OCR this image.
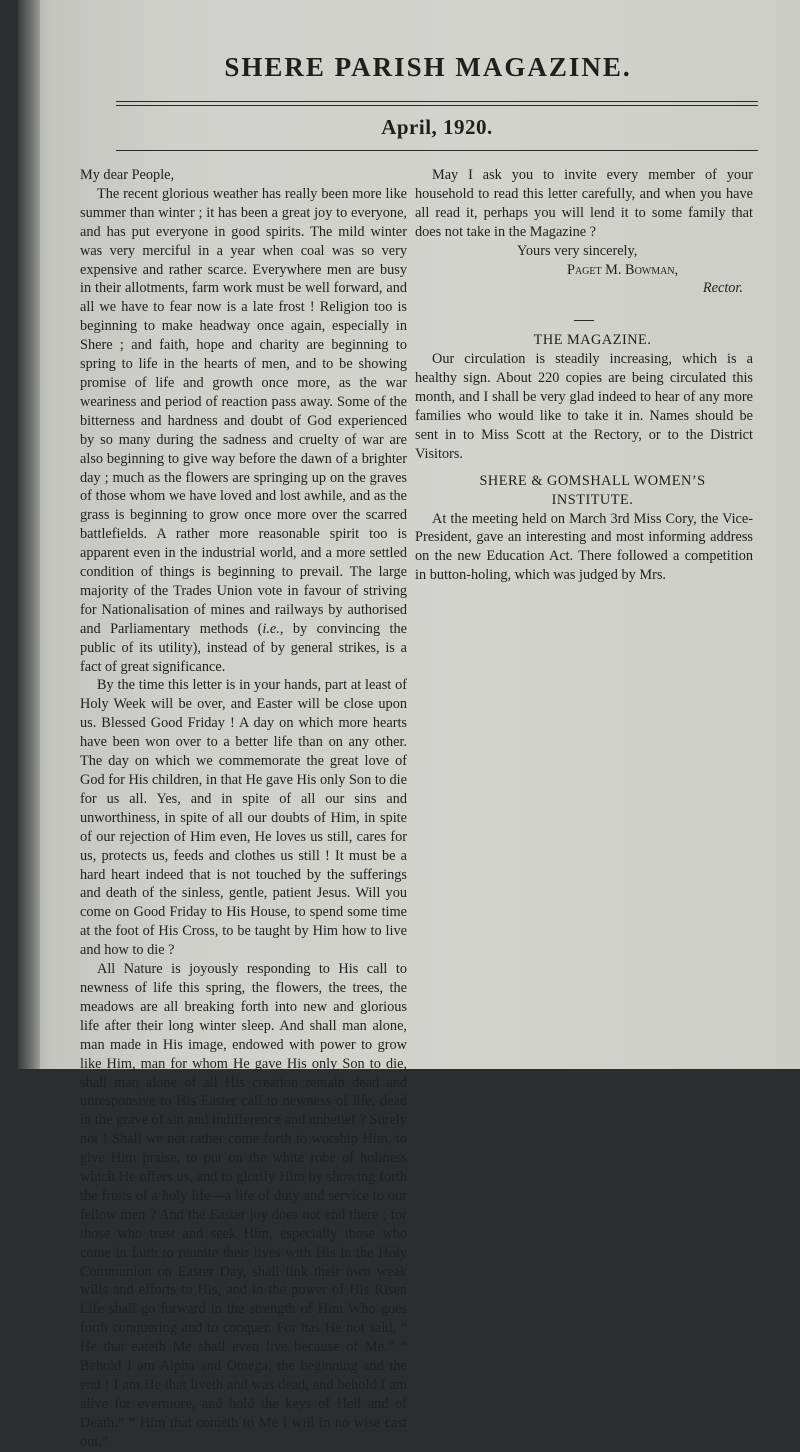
SHERE PARISH MAGAZINE.
April, 1920.

My dear People,

The recent glorious weather has really been more like summer than winter ; it has been a great joy to everyone, and has put everyone in good spirits. The mild winter was very merciful in a year when coal was so very expensive and rather scarce. Everywhere men are busy in their allotments, farm work must be well forward, and all we have to fear now is a late frost ! Religion too is beginning to make headway once again, especially in Shere ; and faith, hope and charity are beginning to spring to life in the hearts of men, and to be showing promise of life and growth once more, as the war weariness and period of reaction pass away. Some of the bitterness and hardness and doubt of God experienced by so many during the sadness and cruelty of war are also beginning to give way before the dawn of a brighter day ; much as the flowers are springing up on the graves of those whom we have loved and lost awhile, and as the grass is beginning to grow once more over the scarred battlefields. A rather more reasonable spirit too is apparent even in the industrial world, and a more settled condition of things is beginning to prevail. The large majority of the Trades Union vote in favour of striving for Nationalisation of mines and railways by authorised and Parliamentary methods (i.e., by convincing the public of its utility), instead of by general strikes, is a fact of great significance.

By the time this letter is in your hands, part at least of Holy Week will be over, and Easter will be close upon us. Blessed Good Friday ! A day on which more hearts have been won over to a better life than on any other. The day on which we commemorate the great love of God for His children, in that He gave His only Son to die for us all. Yes, and in spite of all our sins and unworthiness, in spite of all our doubts of Him, in spite of our rejection of Him even, He loves us still, cares for us, protects us, feeds and clothes us still ! It must be a hard heart indeed that is not touched by the sufferings and death of the sinless, gentle, patient Jesus. Will you come on Good Friday to His House, to spend some time at the foot of His Cross, to be taught by Him how to live and how to die ?

All Nature is joyously responding to His call to newness of life this spring, the flowers, the trees, the meadows are all breaking forth into new and glorious life after their long winter sleep. And shall man alone, man made in His image, endowed with power to grow like Him, man for whom He gave His only Son to die, shall man alone of all His creation remain dead and unresponsive to His Easter call to newness of life, dead in the grave of sin and indifference and unbelief ? Surely not ! Shall we not rather come forth to worship Him, to give Him praise, to put on the white robe of holiness which He offers us, and to glorify Him by showing forth the fruits of a holy life—a life of duty and service to our fellow men ? And the Easter joy does not end there ; for those who trust and seek Him, especially those who come in faith to reunite their lives with His in the Holy Communion on Easter Day, shall link their own weak wills and efforts to His, and in the power of His Risen Life shall go forward in the strength of Him Who goes forth conquering and to conquer. For has He not said, “ He that eateth Me shall even live because of Me.” “ Behold I am Alpha and Omega, the beginning and the end ! I am He that liveth and was dead, and behold I am alive for evermore, and hold the keys of Hell and of Death.” “ Him that cometh to Me I will in no wise cast out.”

May I ask you to invite every member of your household to read this letter carefully, and when you have all read it, perhaps you will lend it to some family that does not take in the Magazine ?

Yours very sincerely,
Paget M. Bowman,
Rector.

THE MAGAZINE.

Our circulation is steadily increasing, which is a healthy sign. About 220 copies are being circulated this month, and I shall be very glad indeed to hear of any more families who would like to take it in. Names should be sent in to Miss Scott at the Rectory, or to the District Visitors.

SHERE & GOMSHALL WOMEN’S

INSTITUTE.

At the meeting held on March 3rd Miss Cory, the Vice-President, gave an interesting and most informing address on the new Education Act. There followed a competition in button-holing, which was judged by Mrs.
